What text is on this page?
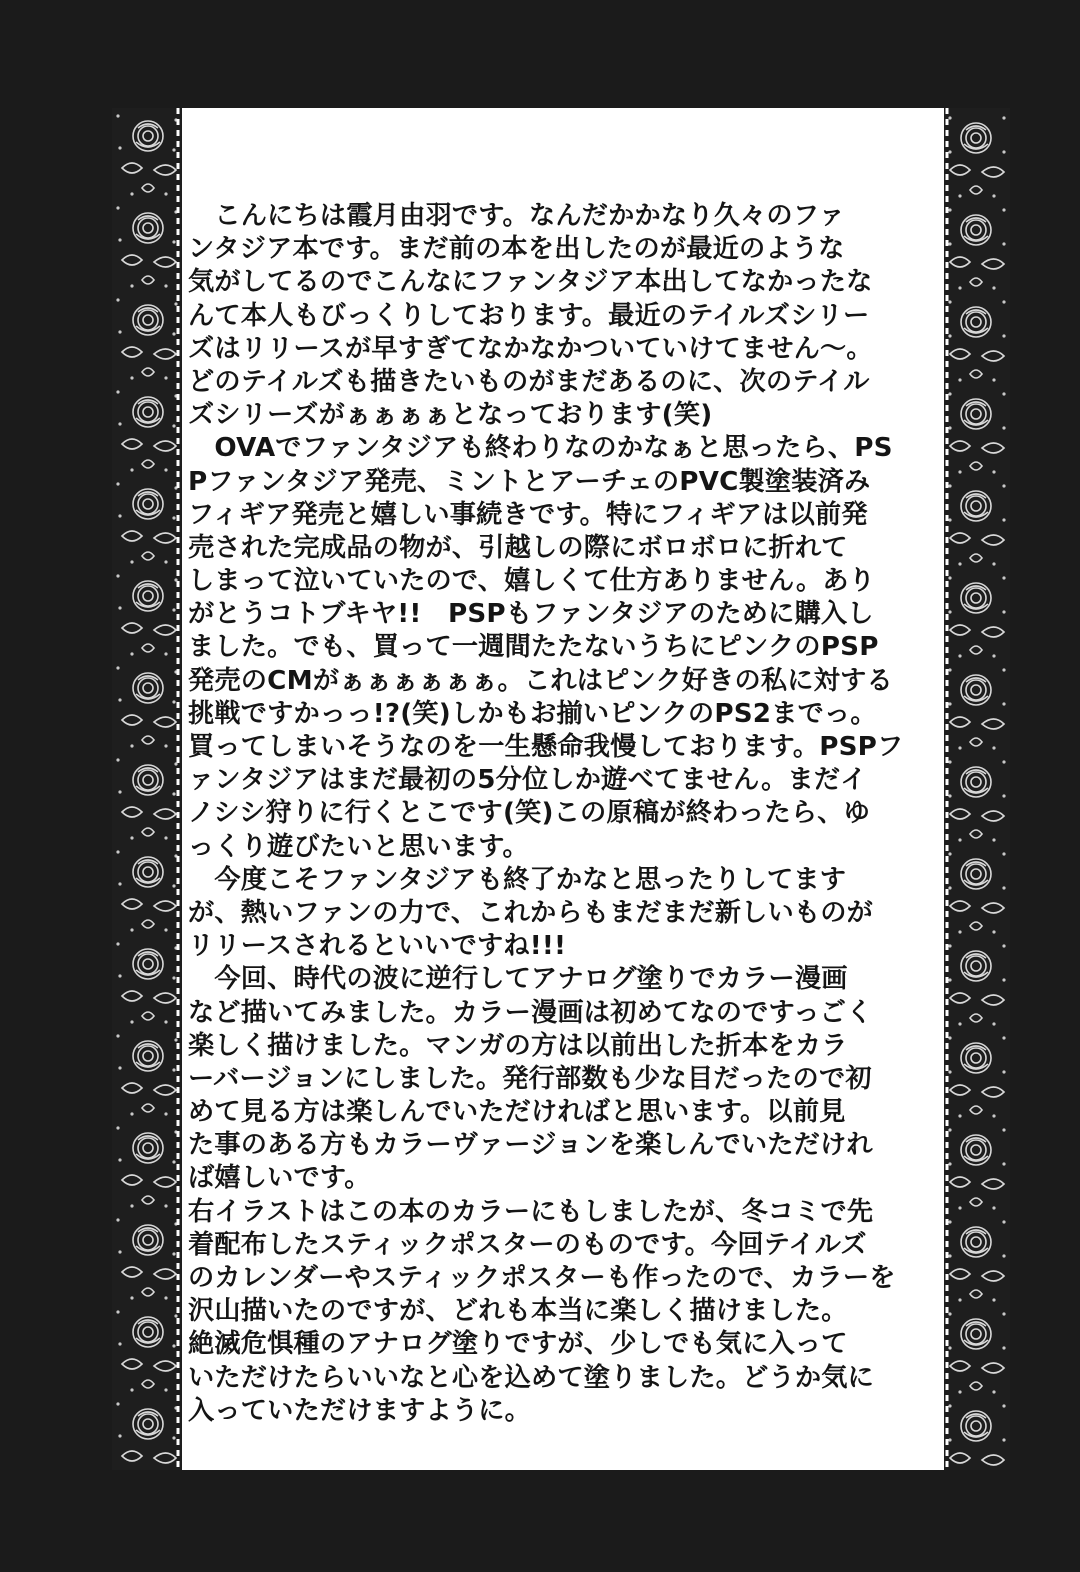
　こんにちは霞月由羽です。なんだかかなり久々のファ
ンタジア本です。まだ前の本を出したのが最近のような
気がしてるのでこんなにファンタジア本出してなかったな
んて本人もびっくりしております。最近のテイルズシリー
ズはリリースが早すぎてなかなかついていけてません～。
どのテイルズも描きたいものがまだあるのに、次のテイル
ズシリーズがぁぁぁぁとなっております(笑)
　OVAでファンタジアも終わりなのかなぁと思ったら、PS
Pファンタジア発売、ミントとアーチェのPVC製塗装済み
フィギア発売と嬉しい事続きです。特にフィギアは以前発
売された完成品の物が、引越しの際にボロボロに折れて
しまって泣いていたので、嬉しくて仕方ありません。あり
がとうコトブキヤ!!　PSPもファンタジアのために購入し
ました。でも、買って一週間たたないうちにピンクのPSP
発売のCMがぁぁぁぁぁぁ。これはピンク好きの私に対する
挑戦ですかっっ!?(笑)しかもお揃いピンクのPS2までっ。
買ってしまいそうなのを一生懸命我慢しております。PSPフ
ァンタジアはまだ最初の5分位しか遊べてません。まだイ
ノシシ狩りに行くとこです(笑)この原稿が終わったら、ゆ
っくり遊びたいと思います。
　今度こそファンタジアも終了かなと思ったりしてます
が、熱いファンの力で、これからもまだまだ新しいものが
リリースされるといいですね!!!
　今回、時代の波に逆行してアナログ塗りでカラー漫画
など描いてみました。カラー漫画は初めてなのですっごく
楽しく描けました。マンガの方は以前出した折本をカラ
ーバージョンにしました。発行部数も少な目だったので初
めて見る方は楽しんでいただければと思います。以前見
た事のある方もカラーヴァージョンを楽しんでいただけれ
ば嬉しいです。
右イラストはこの本のカラーにもしましたが、冬コミで先
着配布したスティックポスターのものです。今回テイルズ
のカレンダーやスティックポスターも作ったので、カラーを
沢山描いたのですが、どれも本当に楽しく描けました。
絶滅危惧種のアナログ塗りですが、少しでも気に入って
いただけたらいいなと心を込めて塗りました。どうか気に
入っていただけますように。
